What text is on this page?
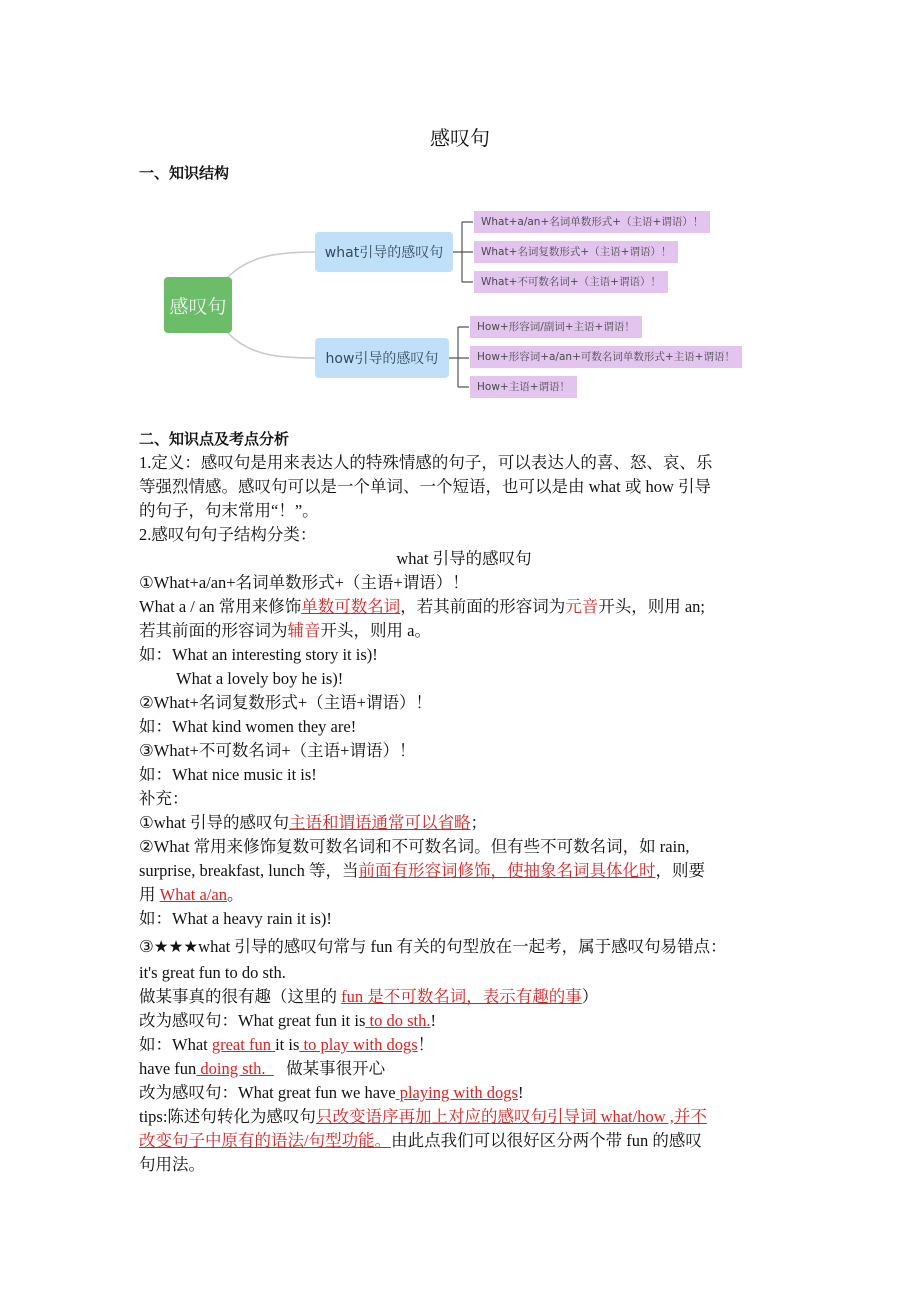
感叹句
一、知识结构
感叹句
what引导的感叹句
how引导的感叹句
What+a/an+名词单数形式+（主语+谓语）！
What+名词复数形式+（主语+谓语）！
What+不可数名词+（主语+谓语）！
How+形容词/副词+主语+谓语！
How+形容词+a/an+可数名词单数形式+主语+谓语！
How+主语+谓语！
二、知识点及考点分析
1.定义：感叹句是用来表达人的特殊情感的句子，可以表达人的喜、怒、哀、乐
等强烈情感。感叹句可以是一个单词、一个短语，也可以是由 what 或 how 引导
的句子，句末常用“！”。
2.感叹句句子结构分类：
what 引导的感叹句
①What+a/an+名词单数形式+（主语+谓语）！
What a / an 常用来修饰单数可数名词，若其前面的形容词为元音开头，则用 an;
若其前面的形容词为辅音开头，则用 a。
如：What an interesting story it is)!
What a lovely boy he is)!
②What+名词复数形式+（主语+谓语）！
如：What kind women they are!
③What+不可数名词+（主语+谓语）！
如：What nice music it is!
补充：
①what 引导的感叹句主语和谓语通常可以省略；
②What 常用来修饰复数可数名词和不可数名词。但有些不可数名词，如 rain,
surprise, breakfast, lunch 等，当前面有形容词修饰，使抽象名词具体化时，则要
用 What a/an。
如：What a heavy rain it is)!
③★★★what 引导的感叹句常与 fun 有关的句型放在一起考，属于感叹句易错点：
it's great fun to do sth.
做某事真的很有趣（这里的 fun 是不可数名词，表示有趣的事）
改为感叹句：What great fun it is to do sth.!
如：What great fun it is to play with dogs！
have fun doing sth.     做某事很开心
改为感叹句：What great fun we have playing with dogs!
tips:陈述句转化为感叹句只改变语序再加上对应的感叹句引导词 what/how ,并不
改变句子中原有的语法/句型功能。由此点我们可以很好区分两个带 fun 的感叹
句用法。
